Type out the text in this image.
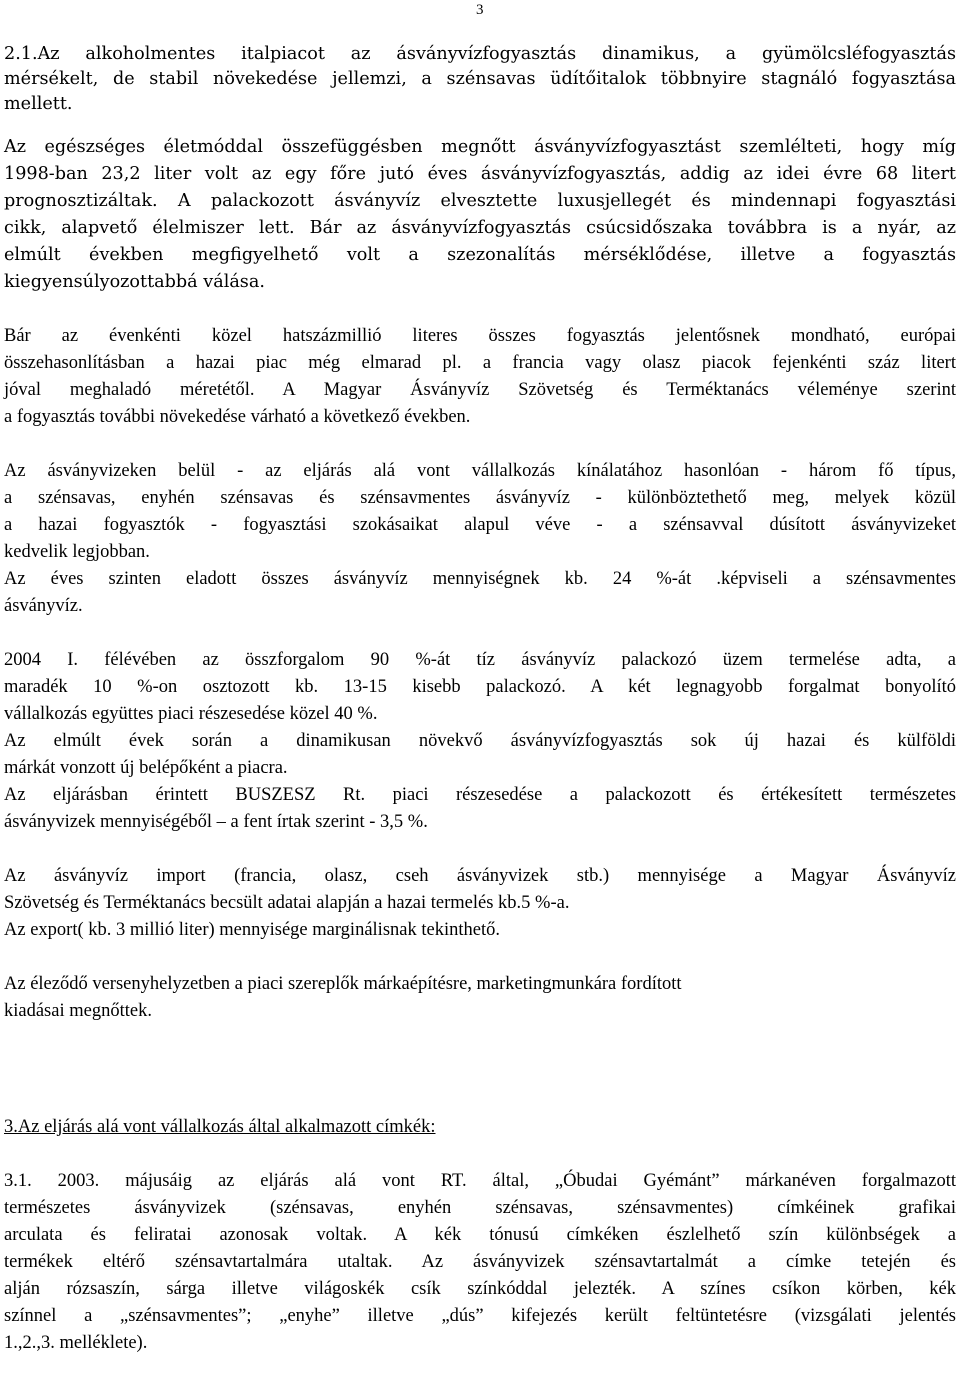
3
2.1.Az alkoholmentes italpiacot az ásványvízfogyasztás dinamikus, a gyümölcsléfogyasztás
mérsékelt, de stabil növekedése jellemzi, a szénsavas üdítőitalok többnyire stagnáló fogyasztása
mellett.
Az egészséges életmóddal összefüggésben megnőtt ásványvízfogyasztást szemlélteti, hogy míg
1998-ban 23,2 liter volt az egy főre jutó éves ásványvízfogyasztás, addig az idei évre 68 litert
prognosztizáltak. A palackozott ásványvíz elvesztette luxusjellegét és mindennapi fogyasztási
cikk, alapvető élelmiszer lett. Bár az ásványvízfogyasztás csúcsidőszaka továbbra is a nyár, az
elmúlt években megfigyelhető volt a szezonalítás mérséklődése, illetve a fogyasztás
kiegyensúlyozottabbá válása.
Bár az évenkénti közel hatszázmillió literes összes fogyasztás jelentősnek mondható, európai
összehasonlításban a hazai piac még elmarad pl. a francia vagy olasz piacok fejenkénti száz litert
jóval meghaladó méretétől. A Magyar Ásványvíz Szövetség és Terméktanács véleménye szerint
a fogyasztás további növekedése várható a következő években.
Az ásványvizeken belül - az eljárás alá vont vállalkozás kínálatához hasonlóan - három fő típus,
a szénsavas, enyhén szénsavas és szénsavmentes ásványvíz - különböztethető meg, melyek közül
a hazai fogyasztók - fogyasztási szokásaikat alapul véve - a szénsavval dúsított ásványvizeket
kedvelik legjobban.
Az éves szinten eladott összes ásványvíz mennyiségnek kb. 24 %-át .képviseli a szénsavmentes
ásványvíz.
2004 I. félévében az összforgalom 90 %-át tíz ásványvíz palackozó üzem termelése adta, a
maradék 10 %-on osztozott kb. 13-15 kisebb palackozó. A két legnagyobb forgalmat bonyolító
vállalkozás együttes piaci részesedése közel 40 %.
Az elmúlt évek során a dinamikusan növekvő ásványvízfogyasztás sok új hazai és külföldi
márkát vonzott új belépőként a piacra.
Az eljárásban érintett BUSZESZ Rt. piaci részesedése a palackozott és értékesített természetes
ásványvizek mennyiségéből – a fent írtak szerint - 3,5 %.
Az ásványvíz import (francia, olasz, cseh ásványvizek stb.) mennyisége a Magyar Ásványvíz
Szövetség és Terméktanács becsült adatai alapján a hazai termelés kb.5 %-a.
Az export( kb. 3 millió liter) mennyisége marginálisnak tekinthető.
Az éleződő versenyhelyzetben a piaci szereplők márkaépítésre, marketingmunkára fordított
kiadásai megnőttek.
3.Az eljárás alá vont vállalkozás által alkalmazott címkék:
3.1. 2003. májusáig az eljárás alá vont RT. által, „Óbudai Gyémánt” márkanéven forgalmazott
természetes ásványvizek (szénsavas, enyhén szénsavas, szénsavmentes) címkéinek grafikai
arculata és feliratai azonosak voltak. A kék tónusú címkéken észlelhető szín különbségek a
termékek eltérő szénsavtartalmára utaltak. Az ásványvizek szénsavtartalmát a címke tetején és
alján rózsaszín, sárga illetve világoskék csík színkóddal jelezték. A színes csíkon körben, kék
színnel a „szénsavmentes”; „enyhe” illetve „dús” kifejezés került feltüntetésre (vizsgálati jelentés
1.,2.,3. melléklete).
